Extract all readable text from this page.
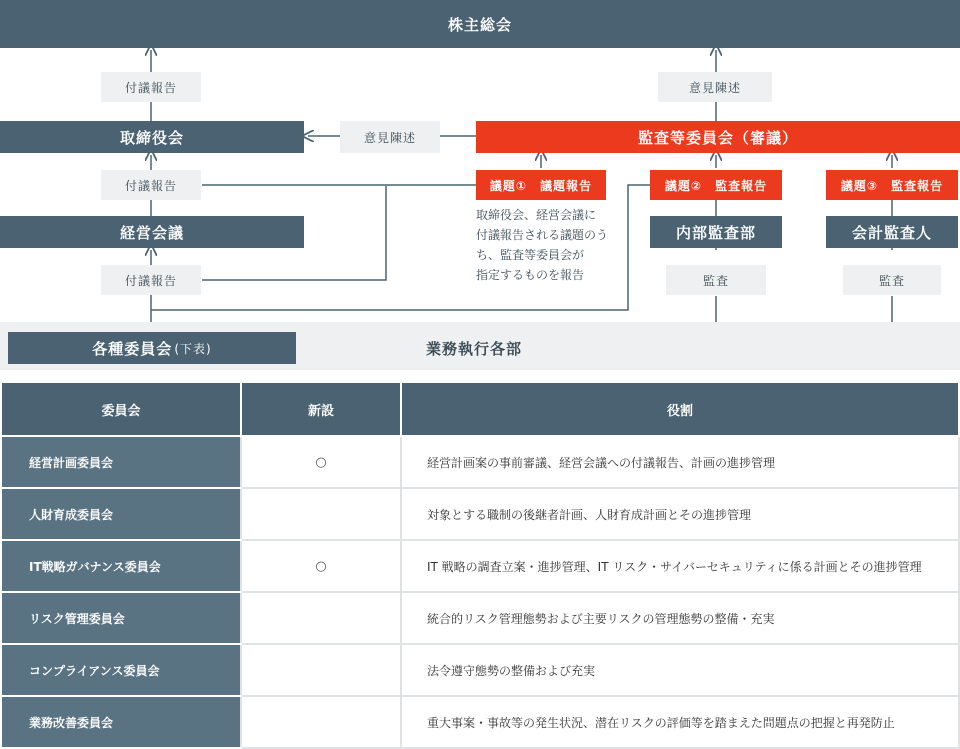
株主総会
付議報告	意見陳述
取締役会	意見陳述	監査等委員会（審議）
付議報告	議題①　議題報告	議題②　監査報告	議題③　監査報告
取締役会、経営会議に
付議報告される議題のう
ち、監査等委員会が
指定するものを報告
経営会議	内部監査部	会計監査人
付議報告	監査	監査
各種委員会 (下表)	業務執行各部
委員会	新設	役割
経営計画委員会	○	経営計画案の事前審議、経営会議への付議報告、計画の進捗管理
人財育成委員会		対象とする職制の後継者計画、人財育成計画とその進捗管理
IT戦略ガバナンス委員会	○	IT 戦略の調査立案・進捗管理、IT リスク・サイバーセキュリティに係る計画とその進捗管理
リスク管理委員会		統合的リスク管理態勢および主要リスクの管理態勢の整備・充実
コンプライアンス委員会		法令遵守態勢の整備および充実
業務改善委員会		重大事案・事故等の発生状況、潜在リスクの評価等を踏まえた問題点の把握と再発防止
